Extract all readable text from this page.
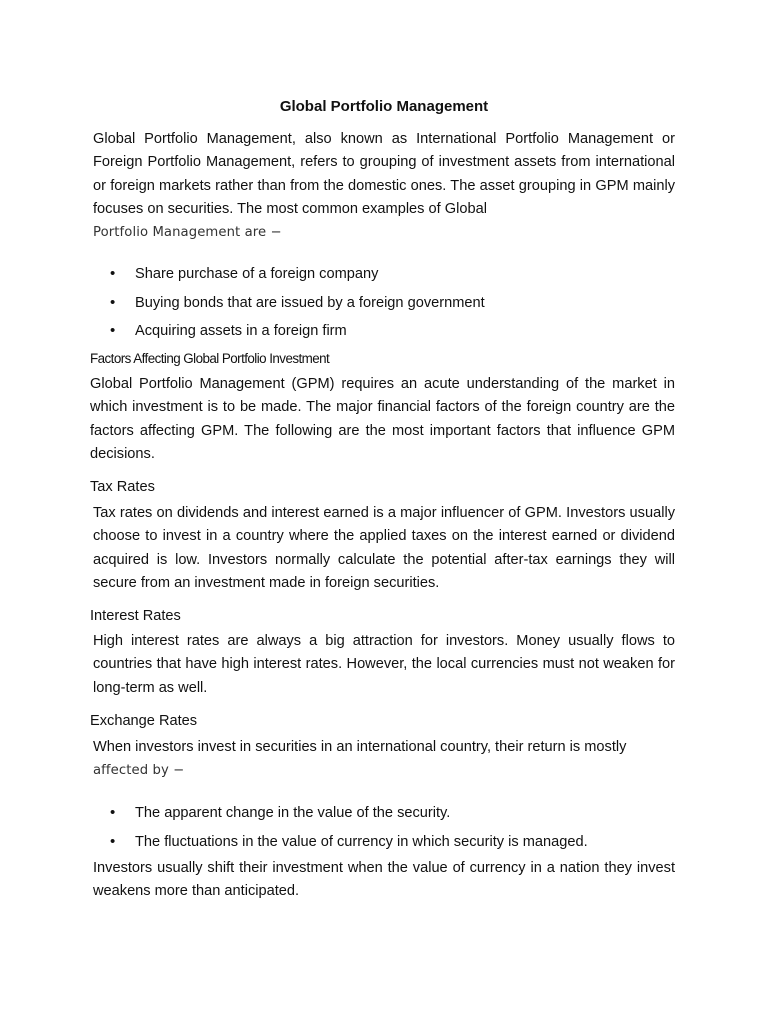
Global Portfolio Management
Global Portfolio Management, also known as International Portfolio Management or Foreign Portfolio Management, refers to grouping of investment assets from international or foreign markets rather than from the domestic ones. The asset grouping in GPM mainly focuses on securities. The most common examples of Global
Portfolio Management are −
•	Share purchase of a foreign company
•	Buying bonds that are issued by a foreign government
•	Acquiring assets in a foreign firm
Factors Affecting Global Portfolio Investment
Global Portfolio Management (GPM) requires an acute understanding of the market in which investment is to be made. The major financial factors of the foreign country are the factors affecting GPM. The following are the most important factors that influence GPM decisions.
Tax Rates
Tax rates on dividends and interest earned is a major influencer of GPM. Investors usually choose to invest in a country where the applied taxes on the interest earned or dividend acquired is low. Investors normally calculate the potential after-tax earnings they will secure from an investment made in foreign securities.
Interest Rates
High interest rates are always a big attraction for investors. Money usually flows to countries that have high interest rates. However, the local currencies must not weaken for long-term as well.
Exchange Rates
When investors invest in securities in an international country, their return is mostly
affected by −
•	The apparent change in the value of the security.
•	The fluctuations in the value of currency in which security is managed.
Investors usually shift their investment when the value of currency in a nation they invest weakens more than anticipated.
